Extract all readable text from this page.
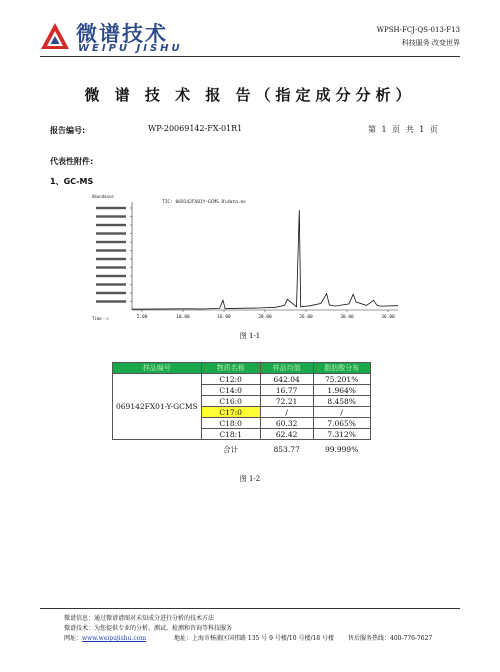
微谱技术
WEIPU JISHU
WPSH-FCJ-QS-013-F13
科技服务 改变世界
微 谱 技 术 报 告（指定成分分析）
报告编号:	WP-20069142-FX-01R1	第 1 页 共 1 页
代表性附件:
1、GC-MS
TIC: 069142FX01Y-GCMS.D\data.ms
Abundance
2.00	10.00	16.00	20.00	26.00	30.00	36.00
Time-->
图 1-1
样品编号	物质名称	样品均值	脂肪酸分布
069142FX01-Y-GCMS	C12:0	642.04	75.201%
	C14:0	16.77	1.964%
	C16:0	72.21	8.458%
	C17:0	/	/
	C18:0	60.32	7.065%
	C18:1	62.42	7.312%
	合计	853.77	99.999%
图 1-2
微谱信息：通过微谱谱图对未知成分进行分析的技术方法
微谱技术：为您提供专业的分析、测试、检测和咨询等科技服务
网址：www.weipujishu.com	地址：上海市杨浦区国伟路 135 号 9 号楼/10 号楼/18 号楼 售后服务热线：400-776-7627
